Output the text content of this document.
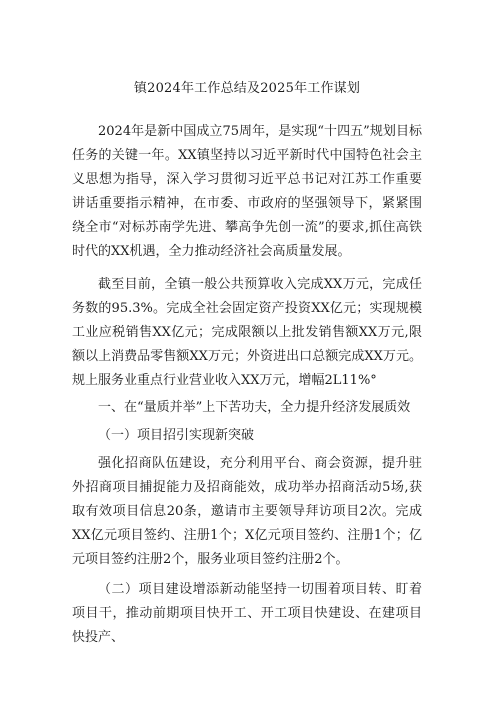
镇2024年工作总结及2025年工作谋划

2024年是新中国成立75周年，是实现“十四五”规划目标任务的关键一年。XX镇坚持以习近平新时代中国特色社会主义思想为指导，深入学习贯彻习近平总书记对江苏工作重要讲话重要指示精神，在市委、市政府的坚强领导下，紧紧围绕全市“对标苏南学先进、攀高争先创一流”的要求,抓住高铁时代的XX机遇，全力推动经济社会高质量发展。

截至目前，全镇一般公共预算收入完成XX万元，完成任务数的95.3%。完成全社会固定资产投资XX亿元；实现规模工业应税销售XX亿元；完成限额以上批发销售额XX万元,限额以上消费品零售额XX万元；外资进出口总额完成XX万元。规上服务业重点行业营业收入XX万元，增幅2L11%°

一、在“量质并举”上下苦功夫，全力提升经济发展质效

（一）项目招引实现新突破

强化招商队伍建设，充分利用平台、商会资源，提升驻外招商项目捕捉能力及招商能效，成功举办招商活动5场,获取有效项目信息20条，邀请市主要领导拜访项目2次。完成XX亿元项目签约、注册1个；X亿元项目签约、注册1个；亿元项目签约注册2个，服务业项目签约注册2个。

（二）项目建设增添新动能坚持一切围着项目转、盯着项目干，推动前期项目快开工、开工项目快建设、在建项目快投产、
